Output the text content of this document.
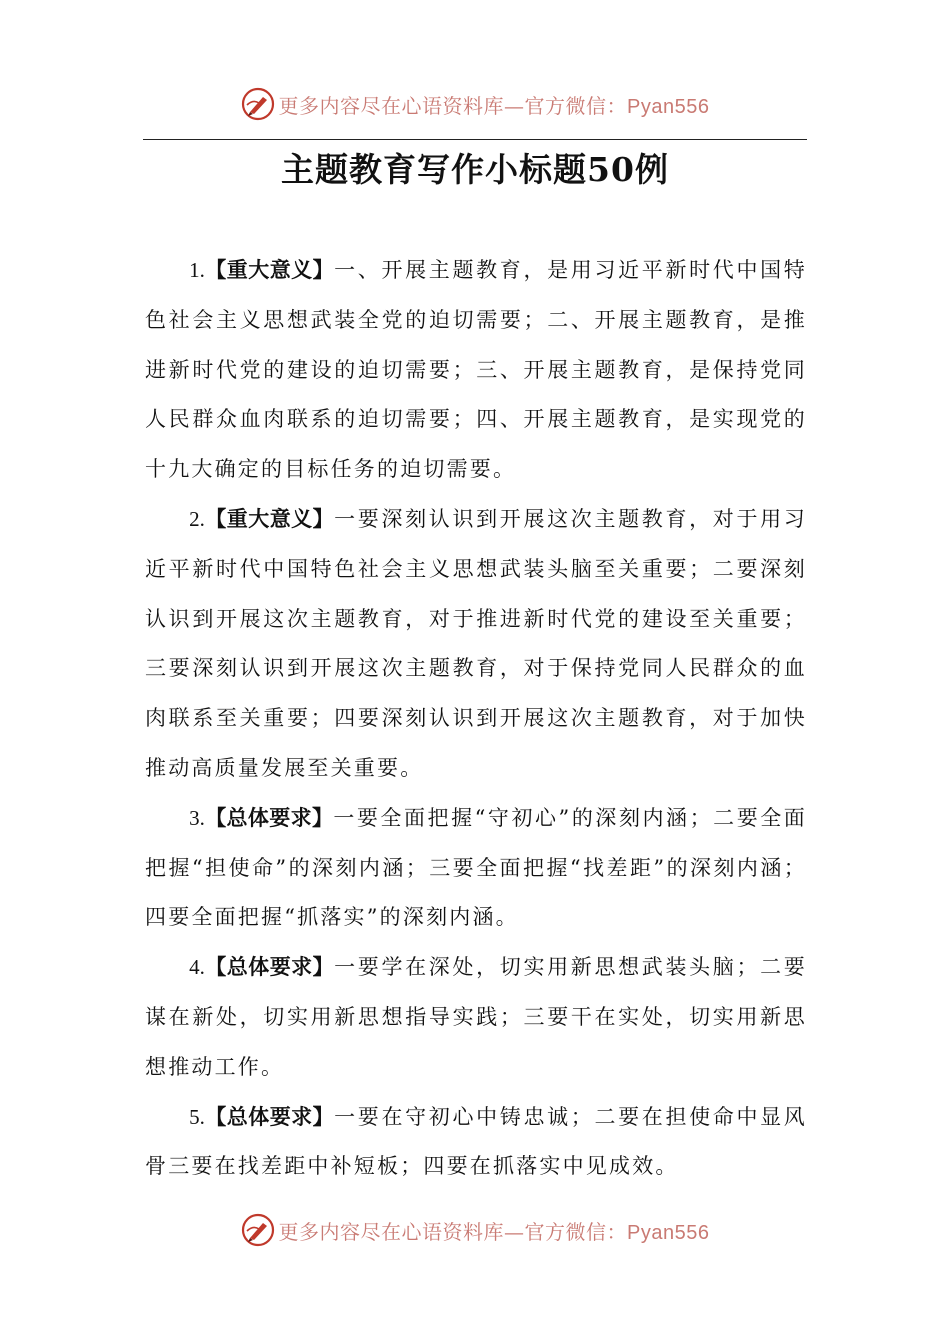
更多内容尽在心语资料库—官方微信：Pyan556
主题教育写作小标题50例

1.【重大意义】一、开展主题教育，是用习近平新时代中国特色社会主义思想武装全党的迫切需要；二、开展主题教育，是推进新时代党的建设的迫切需要；三、开展主题教育，是保持党同人民群众血肉联系的迫切需要；四、开展主题教育，是实现党的十九大确定的目标任务的迫切需要。

2.【重大意义】一要深刻认识到开展这次主题教育，对于用习近平新时代中国特色社会主义思想武装头脑至关重要；二要深刻认识到开展这次主题教育，对于推进新时代党的建设至关重要；三要深刻认识到开展这次主题教育，对于保持党同人民群众的血肉联系至关重要；四要深刻认识到开展这次主题教育，对于加快推动高质量发展至关重要。

3.【总体要求】一要全面把握“守初心”的深刻内涵；二要全面把握“担使命”的深刻内涵；三要全面把握“找差距”的深刻内涵；四要全面把握“抓落实”的深刻内涵。

4.【总体要求】一要学在深处，切实用新思想武装头脑；二要谋在新处，切实用新思想指导实践；三要干在实处，切实用新思想推动工作。

5.【总体要求】一要在守初心中铸忠诚；二要在担使命中显风骨三要在找差距中补短板；四要在抓落实中见成效。

更多内容尽在心语资料库—官方微信：Pyan556
